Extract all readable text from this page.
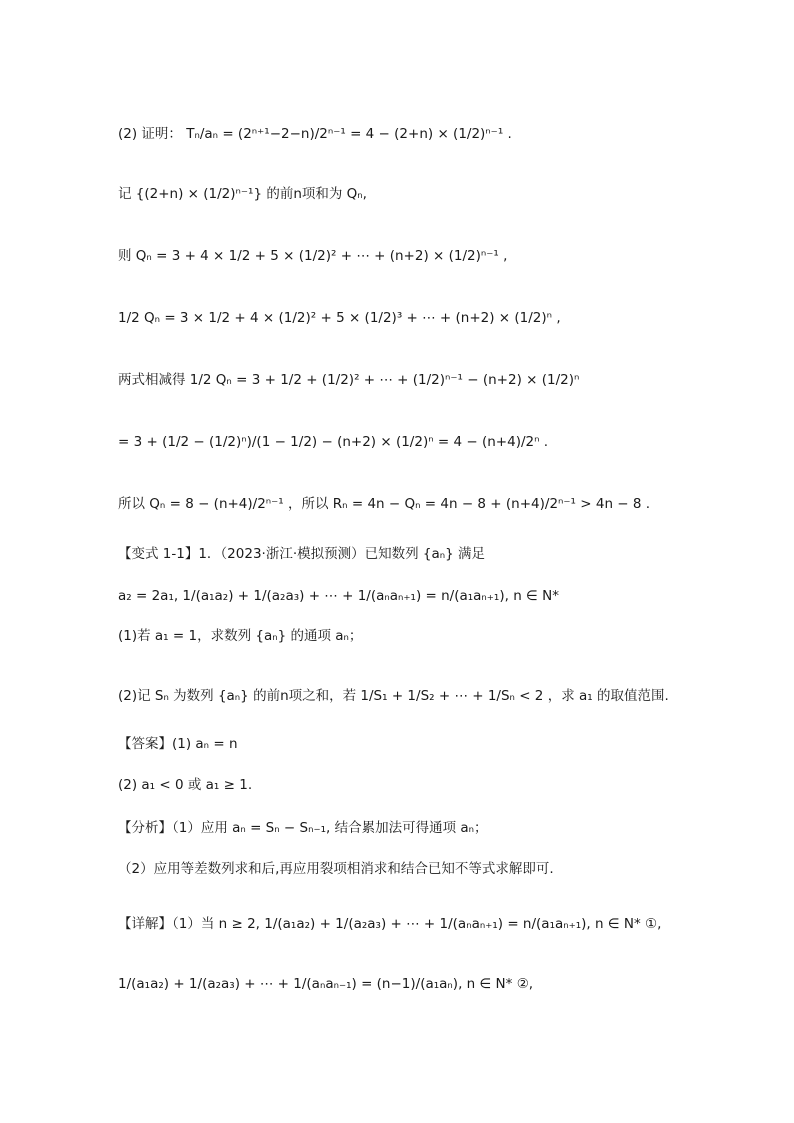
(2) 证明： Tₙ/aₙ = (2ⁿ⁺¹−2−n)/2ⁿ⁻¹ = 4 − (2+n) × (1/2)ⁿ⁻¹ .
记 {(2+n) × (1/2)ⁿ⁻¹} 的前n项和为 Qₙ,
则 Qₙ = 3 + 4 × 1/2 + 5 × (1/2)² + ⋯ + (n+2) × (1/2)ⁿ⁻¹ ,
1/2 Qₙ = 3 × 1/2 + 4 × (1/2)² + 5 × (1/2)³ + ⋯ + (n+2) × (1/2)ⁿ ,
两式相减得 1/2 Qₙ = 3 + 1/2 + (1/2)² + ⋯ + (1/2)ⁿ⁻¹ − (n+2) × (1/2)ⁿ
= 3 + (1/2 − (1/2)ⁿ)/(1 − 1/2) − (n+2) × (1/2)ⁿ = 4 − (n+4)/2ⁿ .
所以 Qₙ = 8 − (n+4)/2ⁿ⁻¹ ，所以 Rₙ = 4n − Qₙ = 4n − 8 + (n+4)/2ⁿ⁻¹ > 4n − 8 .
【变式 1-1】1．（2023·浙江·模拟预测）已知数列 {aₙ} 满足
a₂ = 2a₁, 1/(a₁a₂) + 1/(a₂a₃) + ⋯ + 1/(aₙaₙ₊₁) = n/(a₁aₙ₊₁), n ∈ N*
(1)若 a₁ = 1，求数列 {aₙ} 的通项 aₙ；
(2)记 Sₙ 为数列 {aₙ} 的前n项之和，若 1/S₁ + 1/S₂ + ⋯ + 1/Sₙ < 2 ，求 a₁ 的取值范围.
【答案】(1) aₙ = n
(2) a₁ < 0 或 a₁ ≥ 1.
【分析】（1）应用 aₙ = Sₙ − Sₙ₋₁, 结合累加法可得通项 aₙ；
（2）应用等差数列求和后,再应用裂项相消求和结合已知不等式求解即可.
【详解】（1）当 n ≥ 2, 1/(a₁a₂) + 1/(a₂a₃) + ⋯ + 1/(aₙaₙ₊₁) = n/(a₁aₙ₊₁), n ∈ N* ①,
1/(a₁a₂) + 1/(a₂a₃) + ⋯ + 1/(aₙaₙ₋₁) = (n−1)/(a₁aₙ), n ∈ N* ②,
